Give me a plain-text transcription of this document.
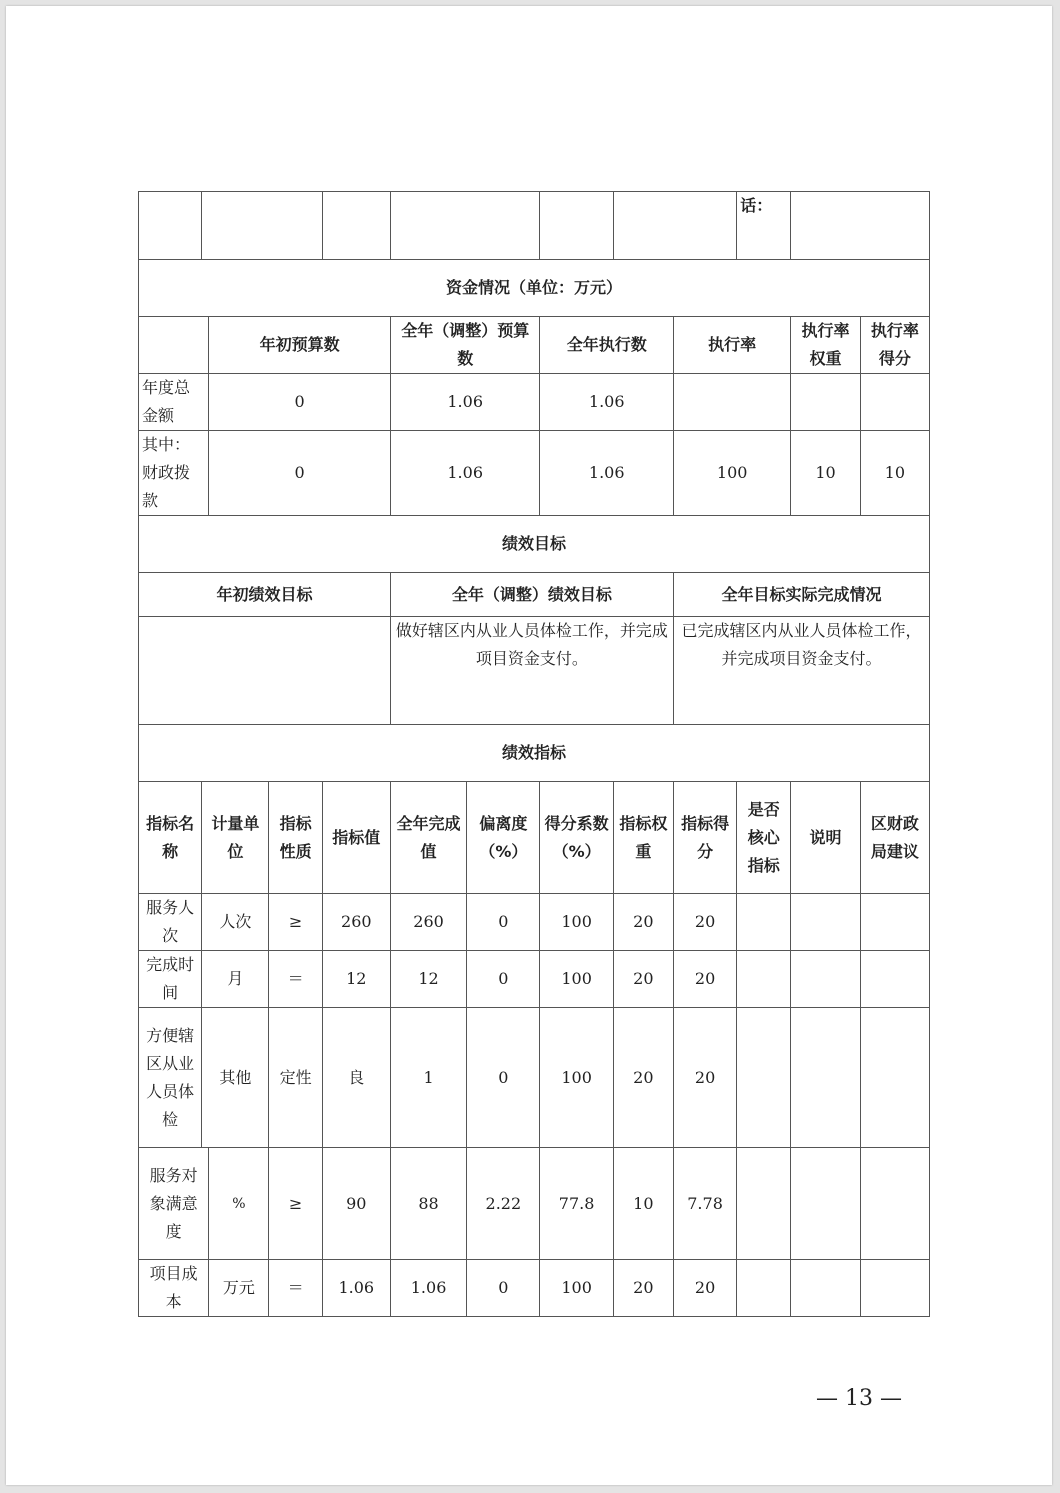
										话：		
资金情况（单位：万元）												
		年初预算数			全年（调整）预算数		全年执行数		执行率		执行率权重	执行率得分
年度总金额		0			1.06		1.06					
其中：财政拨款		0			1.06		1.06		100		10	10
绩效目标												
年初绩效目标					全年（调整）绩效目标				全年目标实际完成情况			
					做好辖区内从业人员体检工作，并完成项目资金支付。				已完成辖区内从业人员体检工作，并完成项目资金支付。			
绩效指标												
指标名称	计量单位		指标性质	指标值	全年完成值	偏离度（%）	得分系数（%）	指标权重	指标得分	是否核心指标	说明	区财政局建议
服务人次	人次		≥	260	260	0	100	20	20			
完成时间	月		＝	12	12	0	100	20	20			
方便辖区从业人员体检	其他		定性	良	1	0	100	20	20			
服务对象满意度		%	≥	90	88	2.22	77.8	10	7.78			
项目成本		万元	＝	1.06	1.06	0	100	20	20			
— 13 —
